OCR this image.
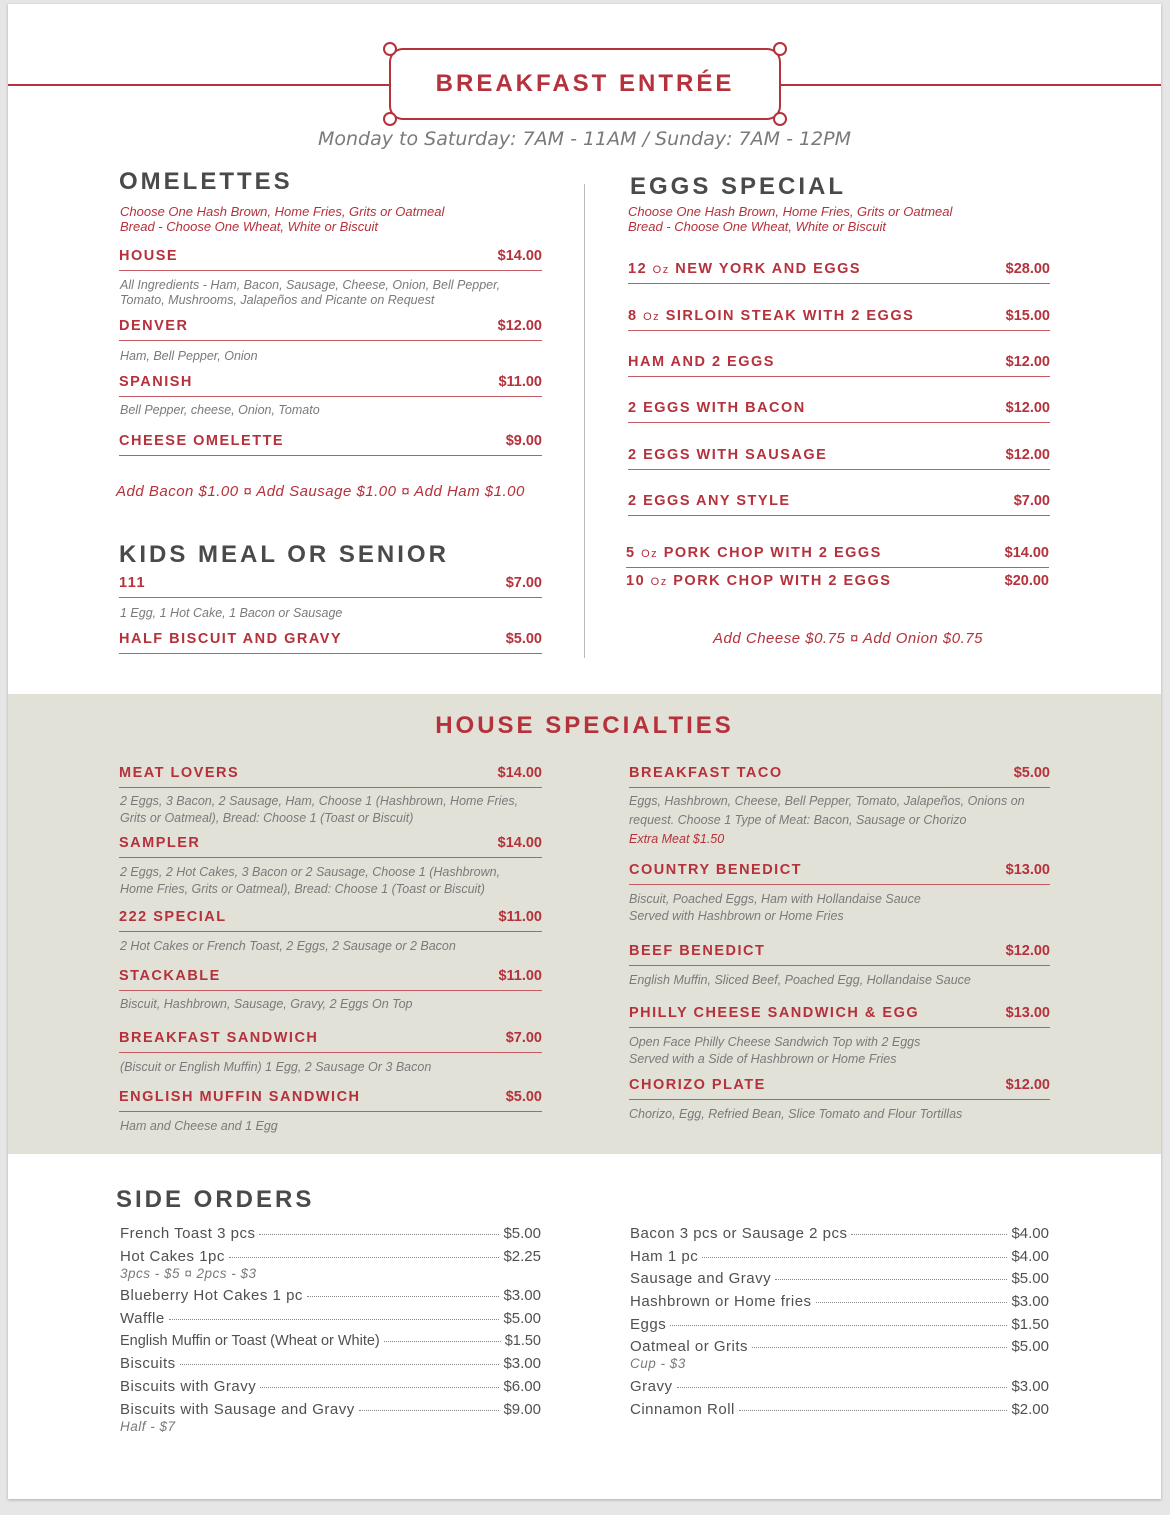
BREAKFAST ENTRÉE
Monday to Saturday: 7AM - 11AM / Sunday: 7AM - 12PM
OMELETTES
Choose One Hash Brown, Home Fries, Grits or Oatmeal
Bread - Choose One Wheat, White or Biscuit
HOUSE	$14.00
All Ingredients - Ham, Bacon, Sausage, Cheese, Onion, Bell Pepper,
Tomato, Mushrooms, Jalapeños and Picante on Request
DENVER	$12.00
Ham, Bell Pepper, Onion
SPANISH	$11.00
Bell Pepper, cheese, Onion, Tomato
CHEESE OMELETTE	$9.00
Add Bacon $1.00 ¤ Add Sausage $1.00 ¤ Add Ham $1.00
KIDS MEAL OR SENIOR
111	$7.00
1 Egg, 1 Hot Cake, 1 Bacon or Sausage
HALF BISCUIT AND GRAVY	$5.00
EGGS SPECIAL
Choose One Hash Brown, Home Fries, Grits or Oatmeal
Bread - Choose One Wheat, White or Biscuit
12 Oz NEW YORK AND EGGS	$28.00
8 Oz SIRLOIN STEAK WITH 2 EGGS	$15.00
HAM AND 2 EGGS	$12.00
2 EGGS WITH BACON	$12.00
2 EGGS WITH SAUSAGE	$12.00
2 EGGS ANY STYLE	$7.00
5 Oz PORK CHOP WITH 2 EGGS	$14.00
10 Oz PORK CHOP WITH 2 EGGS	$20.00
Add Cheese $0.75 ¤ Add Onion $0.75
HOUSE SPECIALTIES
MEAT LOVERS	$14.00
2 Eggs, 3 Bacon, 2 Sausage, Ham, Choose 1 (Hashbrown, Home Fries,
Grits or Oatmeal), Bread: Choose 1 (Toast or Biscuit)
SAMPLER	$14.00
2 Eggs, 2 Hot Cakes, 3 Bacon or 2 Sausage, Choose 1 (Hashbrown,
Home Fries, Grits or Oatmeal), Bread: Choose 1 (Toast or Biscuit)
222 SPECIAL	$11.00
2 Hot Cakes or French Toast, 2 Eggs, 2 Sausage or 2 Bacon
STACKABLE	$11.00
Biscuit, Hashbrown, Sausage, Gravy, 2 Eggs On Top
BREAKFAST SANDWICH	$7.00
(Biscuit or English Muffin) 1 Egg, 2 Sausage Or 3 Bacon
ENGLISH MUFFIN SANDWICH	$5.00
Ham and Cheese and 1 Egg
BREAKFAST TACO	$5.00
Eggs, Hashbrown, Cheese, Bell Pepper, Tomato, Jalapeños, Onions on
request. Choose 1 Type of Meat: Bacon, Sausage or Chorizo
Extra Meat $1.50
COUNTRY BENEDICT	$13.00
Biscuit, Poached Eggs, Ham with Hollandaise Sauce
Served with Hashbrown or Home Fries
BEEF BENEDICT	$12.00
English Muffin, Sliced Beef, Poached Egg, Hollandaise Sauce
PHILLY CHEESE SANDWICH & EGG	$13.00
Open Face Philly Cheese Sandwich Top with 2 Eggs
Served with a Side of Hashbrown or Home Fries
CHORIZO PLATE	$12.00
Chorizo, Egg, Refried Bean, Slice Tomato and Flour Tortillas
SIDE ORDERS
French Toast 3 pcs	$5.00
Hot Cakes 1pc	$2.25
3pcs - $5 ¤ 2pcs - $3
Blueberry Hot Cakes 1 pc	$3.00
Waffle	$5.00
English Muffin or Toast (Wheat or White)	$1.50
Biscuits	$3.00
Biscuits with Gravy	$6.00
Biscuits with Sausage and Gravy	$9.00
Half - $7
Bacon 3 pcs or Sausage 2 pcs	$4.00
Ham 1 pc	$4.00
Sausage and Gravy	$5.00
Hashbrown or Home fries	$3.00
Eggs	$1.50
Oatmeal or Grits	$5.00
Cup - $3
Gravy	$3.00
Cinnamon Roll	$2.00
